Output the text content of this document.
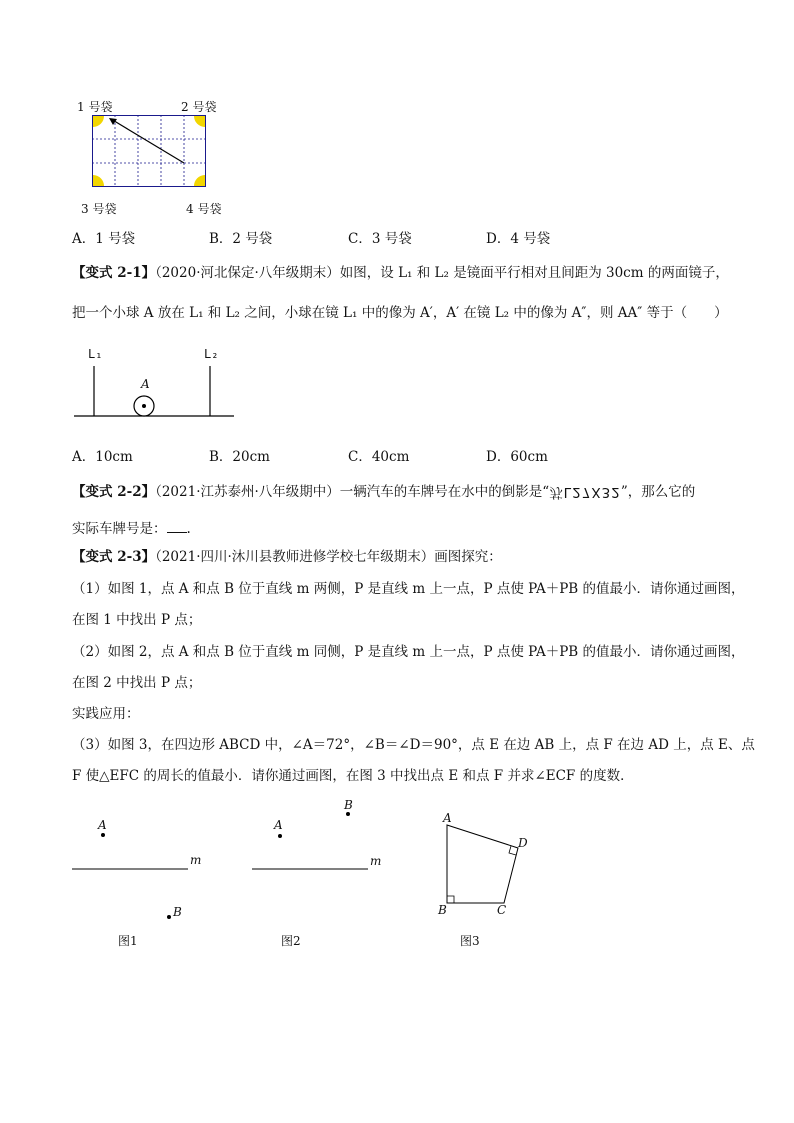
1 号袋	2 号袋
3 号袋	4 号袋
A．1 号袋	B．2 号袋	C．3 号袋	D．4 号袋
【变式 2-1】（2020·河北保定·八年级期末）如图，设 L₁ 和 L₂ 是镜面平行相对且间距为 30cm 的两面镜子，
把一个小球 A 放在 L₁ 和 L₂ 之间，小球在镜 L₁ 中的像为 A′，A′ 在镜 L₂ 中的像为 A″，则 AA″ 等于（　　）
L₁	L₂
A
A．10cm	B．20cm	C．40cm	D．60cm
【变式 2-2】（2021·江苏泰州·八年级期中）一辆汽车的车牌号在水中的倒影是“苏L27X32”，那么它的
实际车牌号是： .
【变式 2-3】（2021·四川·沐川县教师进修学校七年级期末）画图探究：
（1）如图 1，点 A 和点 B 位于直线 m 两侧，P 是直线 m 上一点，P 点使 PA＋PB 的值最小．请你通过画图，
在图 1 中找出 P 点；
（2）如图 2，点 A 和点 B 位于直线 m 同侧，P 是直线 m 上一点，P 点使 PA＋PB 的值最小．请你通过画图，
在图 2 中找出 P 点；
实践应用：
（3）如图 3，在四边形 ABCD 中，∠A＝72°，∠B＝∠D＝90°，点 E 在边 AB 上，点 F 在边 AD 上，点 E、点
F 使△EFC 的周长的值最小．请你通过画图，在图 3 中找出点 E 和点 F 并求∠ECF 的度数．
A
B
m
图1
A
B
m
图2
A
B	C
D
图3
